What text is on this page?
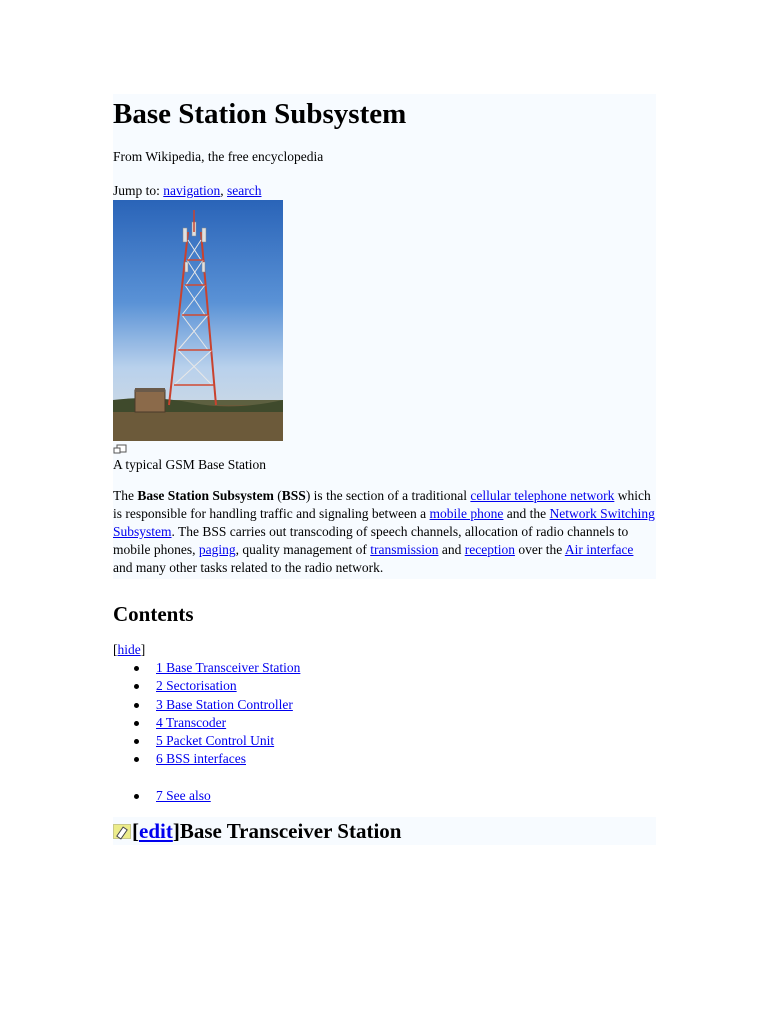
Base Station Subsystem
From Wikipedia, the free encyclopedia
Jump to: navigation, search
A typical GSM Base Station
The Base Station Subsystem (BSS) is the section of a traditional cellular telephone network which is responsible for handling traffic and signaling between a mobile phone and the Network Switching Subsystem. The BSS carries out transcoding of speech channels, allocation of radio channels to mobile phones, paging, quality management of transmission and reception over the Air interface and many other tasks related to the radio network.
Contents
[hide]
1 Base Transceiver Station
2 Sectorisation
3 Base Station Controller
4 Transcoder
5 Packet Control Unit
6 BSS interfaces
7 See also
[ edit ] Base Transceiver Station
